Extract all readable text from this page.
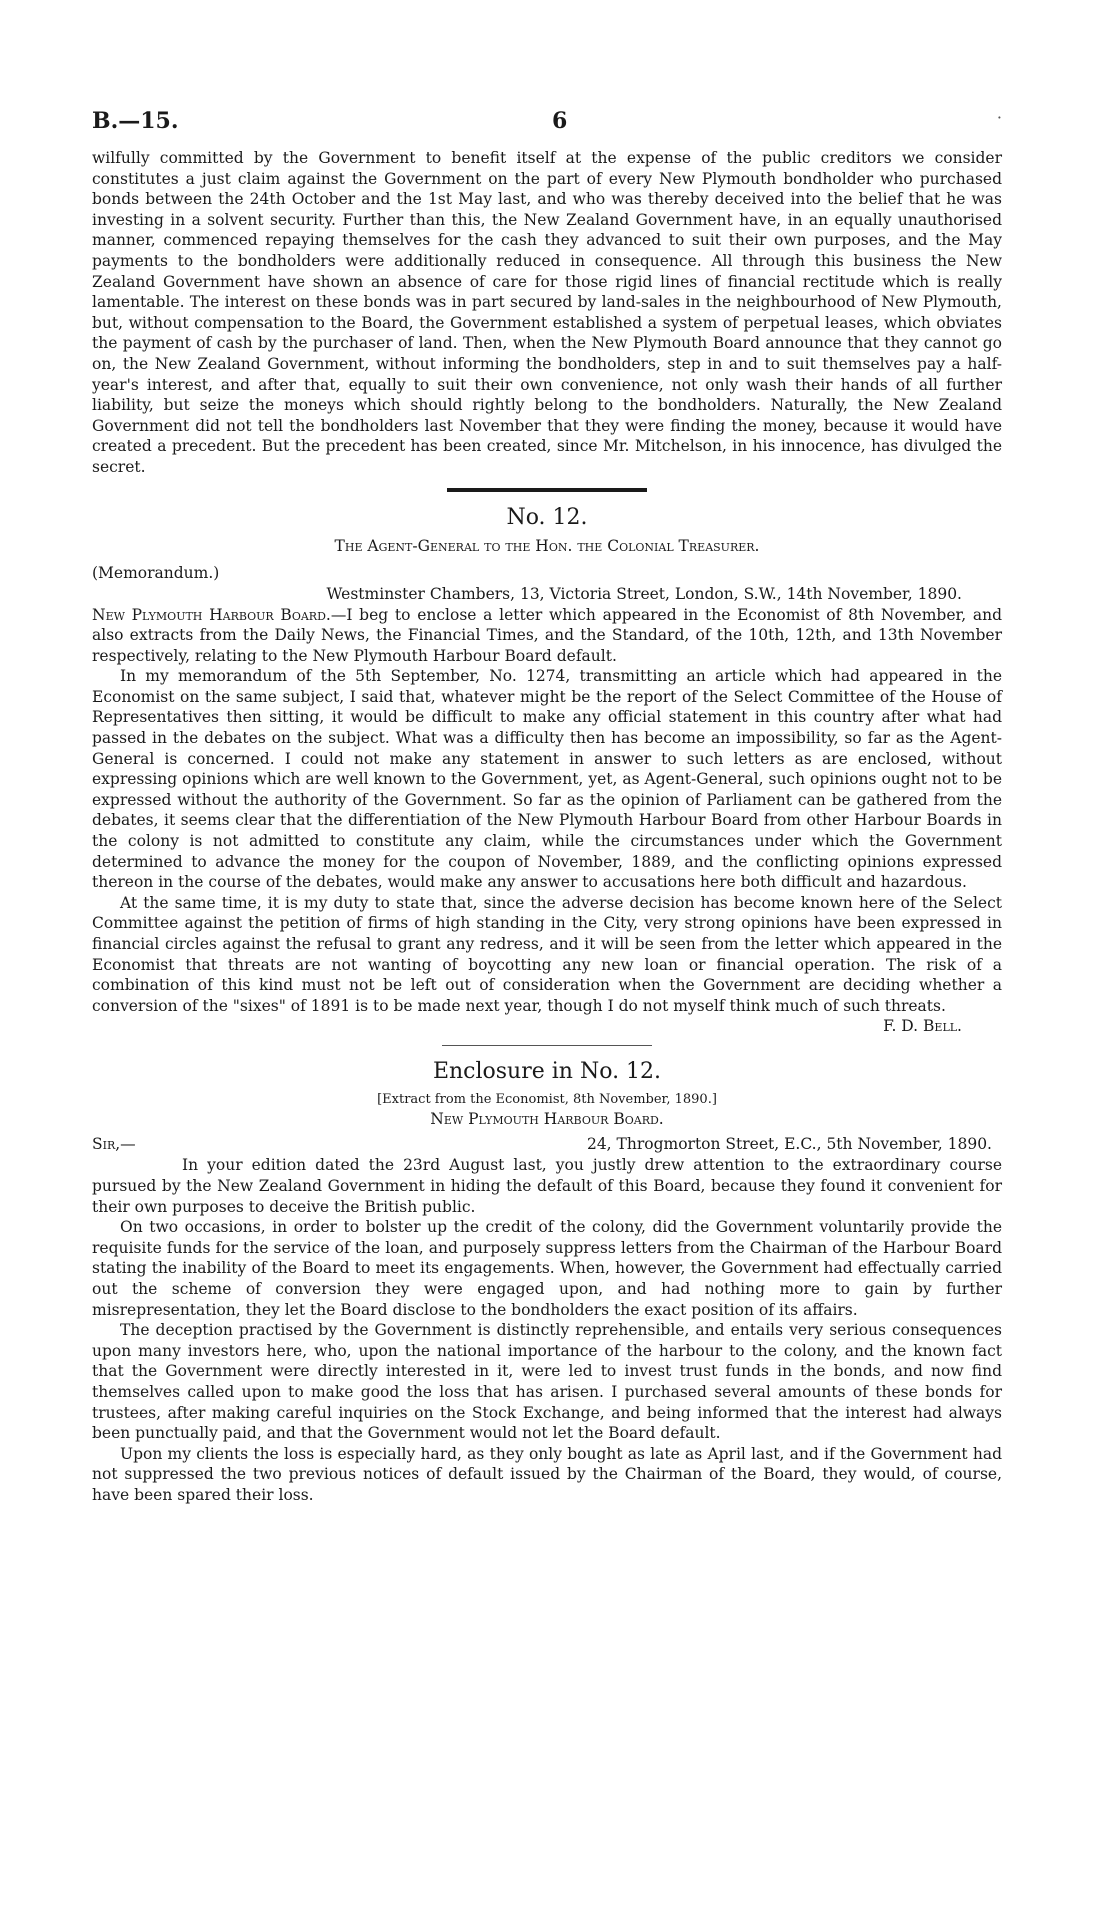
B.—15.	6	·

wilfully committed by the Government to benefit itself at the expense of the public creditors we consider constitutes a just claim against the Government on the part of every New Plymouth bondholder who purchased bonds between the 24th October and the 1st May last, and who was thereby deceived into the belief that he was investing in a solvent security. Further than this, the New Zealand Government have, in an equally unauthorised manner, commenced repaying themselves for the cash they advanced to suit their own purposes, and the May payments to the bondholders were additionally reduced in consequence. All through this business the New Zealand Government have shown an absence of care for those rigid lines of financial rectitude which is really lamentable. The interest on these bonds was in part secured by land-sales in the neighbourhood of New Plymouth, but, without compensation to the Board, the Government established a system of perpetual leases, which obviates the payment of cash by the purchaser of land. Then, when the New Plymouth Board announce that they cannot go on, the New Zealand Government, without informing the bondholders, step in and to suit themselves pay a half-year's interest, and after that, equally to suit their own convenience, not only wash their hands of all further liability, but seize the moneys which should rightly belong to the bondholders. Naturally, the New Zealand Government did not tell the bondholders last November that they were finding the money, because it would have created a precedent. But the precedent has been created, since Mr. Mitchelson, in his innocence, has divulged the secret.

No. 12.
The Agent-General to the Hon. the Colonial Treasurer.
(Memorandum.)
Westminster Chambers, 13, Victoria Street, London, S.W., 14th November, 1890.

New Plymouth Harbour Board.—I beg to enclose a letter which appeared in the Economist of 8th November, and also extracts from the Daily News, the Financial Times, and the Standard, of the 10th, 12th, and 13th November respectively, relating to the New Plymouth Harbour Board default.

In my memorandum of the 5th September, No. 1274, transmitting an article which had appeared in the Economist on the same subject, I said that, whatever might be the report of the Select Committee of the House of Representatives then sitting, it would be difficult to make any official statement in this country after what had passed in the debates on the subject. What was a difficulty then has become an impossibility, so far as the Agent-General is concerned. I could not make any statement in answer to such letters as are enclosed, without expressing opinions which are well known to the Government, yet, as Agent-General, such opinions ought not to be expressed without the authority of the Government. So far as the opinion of Parliament can be gathered from the debates, it seems clear that the differentiation of the New Plymouth Harbour Board from other Harbour Boards in the colony is not admitted to constitute any claim, while the circumstances under which the Government determined to advance the money for the coupon of November, 1889, and the conflicting opinions expressed thereon in the course of the debates, would make any answer to accusations here both difficult and hazardous.

At the same time, it is my duty to state that, since the adverse decision has become known here of the Select Committee against the petition of firms of high standing in the City, very strong opinions have been expressed in financial circles against the refusal to grant any redress, and it will be seen from the letter which appeared in the Economist that threats are not wanting of boycotting any new loan or financial operation. The risk of a combination of this kind must not be left out of consideration when the Government are deciding whether a conversion of the "sixes" of 1891 is to be made next year, though I do not myself think much of such threats.

F. D. Bell.
Enclosure in No. 12.
[Extract from the Economist, 8th November, 1890.]
New Plymouth Harbour Board.
Sir,—	24, Throgmorton Street, E.C., 5th November, 1890.

In your edition dated the 23rd August last, you justly drew attention to the extraordinary course pursued by the New Zealand Government in hiding the default of this Board, because they found it convenient for their own purposes to deceive the British public.

On two occasions, in order to bolster up the credit of the colony, did the Government voluntarily provide the requisite funds for the service of the loan, and purposely suppress letters from the Chairman of the Harbour Board stating the inability of the Board to meet its engagements. When, however, the Government had effectually carried out the scheme of conversion they were engaged upon, and had nothing more to gain by further misrepresentation, they let the Board disclose to the bondholders the exact position of its affairs.

The deception practised by the Government is distinctly reprehensible, and entails very serious consequences upon many investors here, who, upon the national importance of the harbour to the colony, and the known fact that the Government were directly interested in it, were led to invest trust funds in the bonds, and now find themselves called upon to make good the loss that has arisen. I purchased several amounts of these bonds for trustees, after making careful inquiries on the Stock Exchange, and being informed that the interest had always been punctually paid, and that the Government would not let the Board default.

Upon my clients the loss is especially hard, as they only bought as late as April last, and if the Government had not suppressed the two previous notices of default issued by the Chairman of the Board, they would, of course, have been spared their loss.
